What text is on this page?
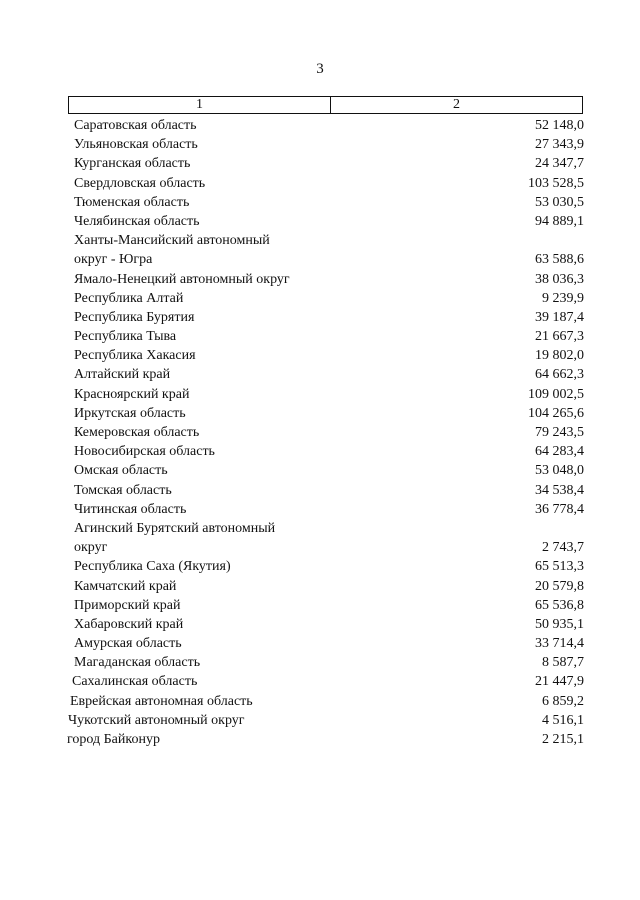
3
1	2
Саратовская область	52 148,0
Ульяновская область	27 343,9
Курганская область	24 347,7
Свердловская область	103 528,5
Тюменская область	53 030,5
Челябинская область	94 889,1
Ханты-Мансийский автономный
округ - Югра	63 588,6
Ямало-Ненецкий автономный округ	38 036,3
Республика Алтай	9 239,9
Республика Бурятия	39 187,4
Республика Тыва	21 667,3
Республика Хакасия	19 802,0
Алтайский край	64 662,3
Красноярский край	109 002,5
Иркутская область	104 265,6
Кемеровская область	79 243,5
Новосибирская область	64 283,4
Омская область	53 048,0
Томская область	34 538,4
Читинская область	36 778,4
Агинский Бурятский автономный
округ	2 743,7
Республика Саха (Якутия)	65 513,3
Камчатский край	20 579,8
Приморский край	65 536,8
Хабаровский край	50 935,1
Амурская область	33 714,4
Магаданская область	8 587,7
Сахалинская область	21 447,9
Еврейская автономная область	6 859,2
Чукотский автономный округ	4 516,1
город Байконур	2 215,1
